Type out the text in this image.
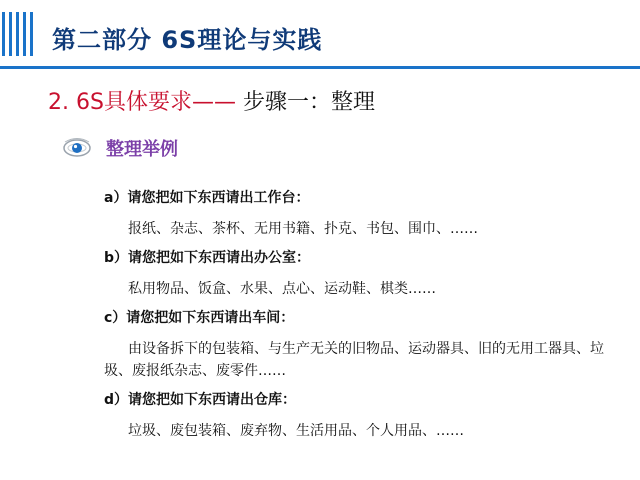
第二部分 6S理论与实践
2. 6S具体要求—— 步骤一：整理
整理举例
a）请您把如下东西请出工作台：
报纸、杂志、茶杯、无用书籍、扑克、书包、围巾、……
b）请您把如下东西请出办公室：
私用物品、饭盒、水果、点心、运动鞋、棋类……
c）请您把如下东西请出车间：
由设备拆下的包装箱、与生产无关的旧物品、运动器具、旧的无用工器具、垃圾、废报纸杂志、废零件……
d）请您把如下东西请出仓库：
垃圾、废包装箱、废弃物、生活用品、个人用品、……
